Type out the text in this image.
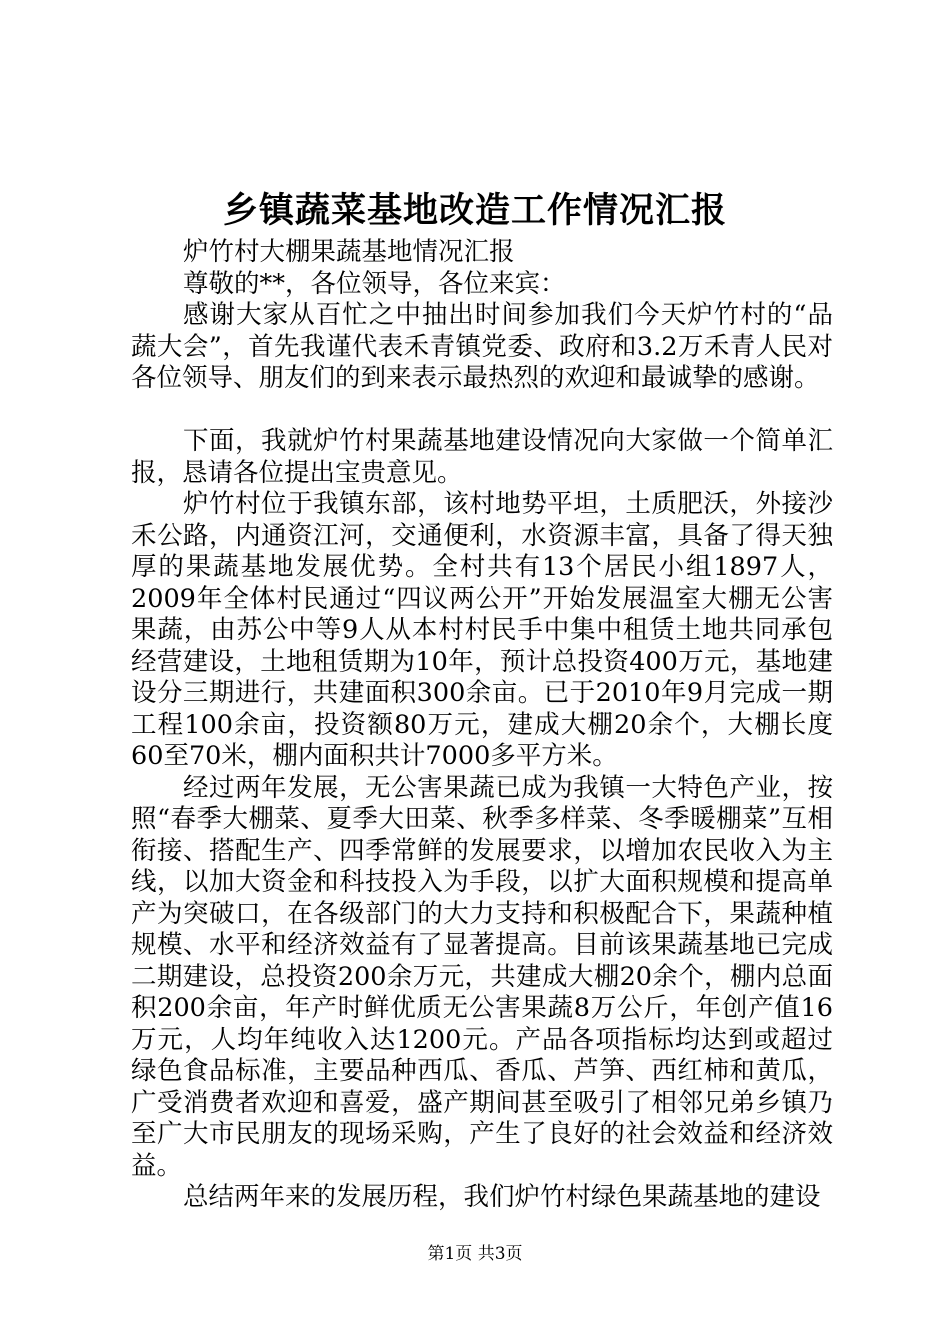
乡镇蔬菜基地改造工作情况汇报

炉竹村大棚果蔬基地情况汇报

尊敬的**，各位领导，各位来宾：

感谢大家从百忙之中抽出时间参加我们今天炉竹村的“品蔬大会”，首先我谨代表禾青镇党委、政府和3.2万禾青人民对各位领导、朋友们的到来表示最热烈的欢迎和最诚挚的感谢。

下面，我就炉竹村果蔬基地建设情况向大家做一个简单汇报，恳请各位提出宝贵意见。

炉竹村位于我镇东部，该村地势平坦，土质肥沃，外接沙禾公路，内通资江河，交通便利，水资源丰富，具备了得天独厚的果蔬基地发展优势。全村共有13个居民小组1897人，2009年全体村民通过“四议两公开”开始发展温室大棚无公害果蔬，由苏公中等9人从本村村民手中集中租赁土地共同承包经营建设，土地租赁期为10年，预计总投资400万元，基地建设分三期进行，共建面积300余亩。已于2010年9月完成一期工程100余亩，投资额80万元，建成大棚20余个，大棚长度60至70米，棚内面积共计7000多平方米。

经过两年发展，无公害果蔬已成为我镇一大特色产业，按照“春季大棚菜、夏季大田菜、秋季多样菜、冬季暖棚菜”互相衔接、搭配生产、四季常鲜的发展要求，以增加农民收入为主线，以加大资金和科技投入为手段，以扩大面积规模和提高单产为突破口，在各级部门的大力支持和积极配合下，果蔬种植规模、水平和经济效益有了显著提高。目前该果蔬基地已完成二期建设，总投资200余万元，共建成大棚20余个，棚内总面积200余亩，年产时鲜优质无公害果蔬8万公斤，年创产值16万元，人均年纯收入达1200元。产品各项指标均达到或超过绿色食品标准，主要品种西瓜、香瓜、芦笋、西红柿和黄瓜，广受消费者欢迎和喜爱，盛产期间甚至吸引了相邻兄弟乡镇乃至广大市民朋友的现场采购，产生了良好的社会效益和经济效益。

总结两年来的发展历程，我们炉竹村绿色果蔬基地的建设

第1页 共3页
